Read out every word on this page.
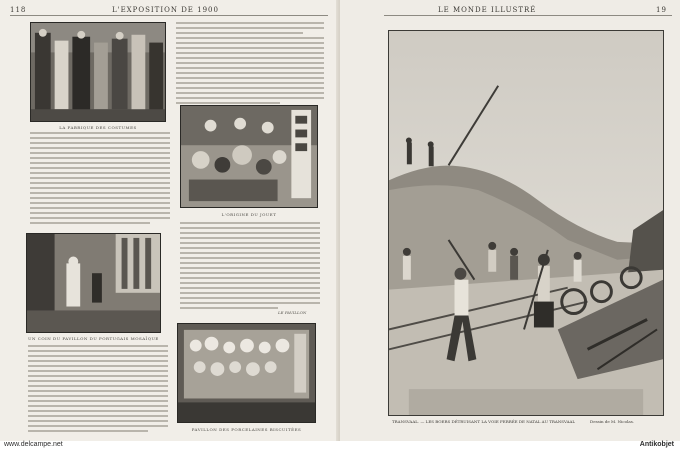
118	L'EXPOSITION DE 1900
LA FABRIQUE DES COSTUMES
L'ORIGINE DU JOUET
UN COIN DU PAVILLON DU PORTUGAIS MOSAÏQUE
LE PAVILLON
PAVILLON DES PORCELAINES BISCUITÉES
LE MONDE ILLUSTRÉ	19
TRANSVAAL. — LES BOERS DÉTRUISANT LA VOIE FERRÉE DE NATAL AU TRANSVAAL	Dessin de M. Nicolas.
www.delcampe.net	Antikobjet
